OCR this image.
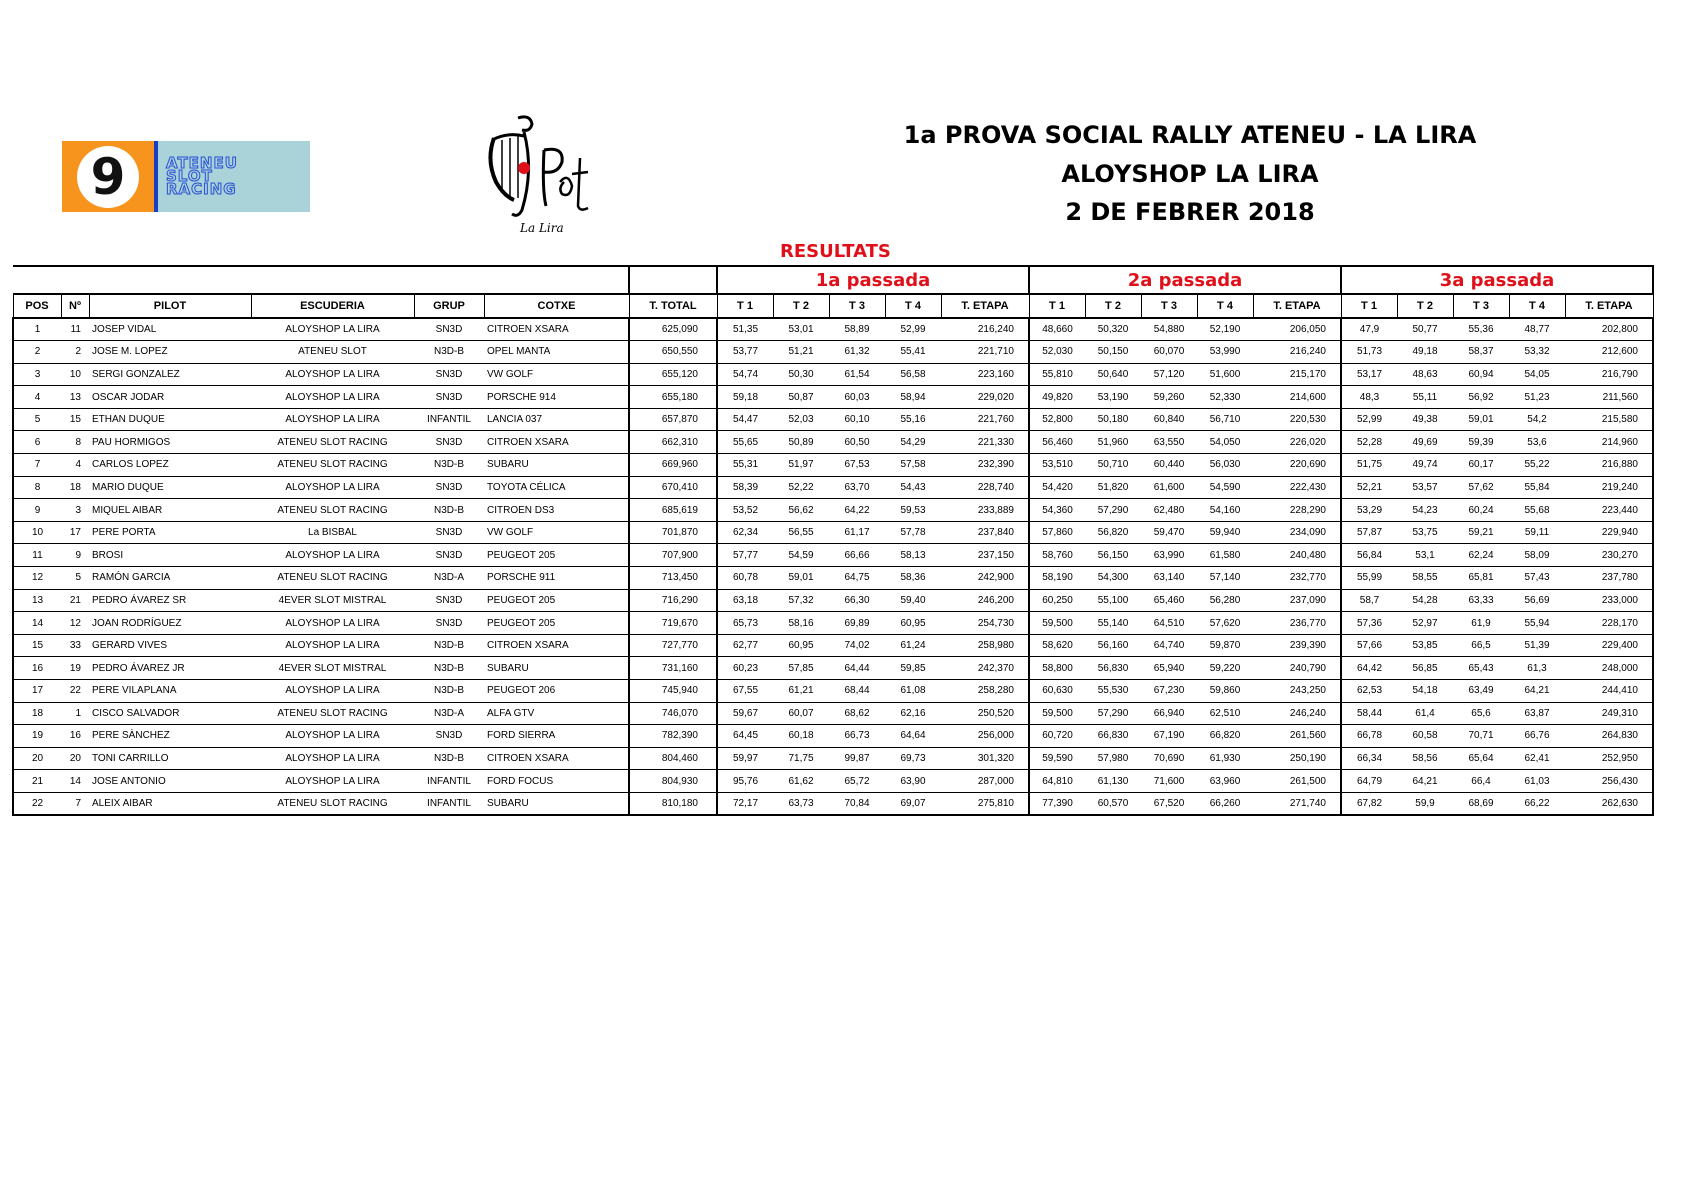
9	ATENEU
SLOT
RACING
La Lira
1a PROVA SOCIAL RALLY ATENEU - LA LIRA
ALOYSHOP LA LIRA
2 DE FEBRER 2018
RESULTATS
							1a passada					2a passada					3a passada				
POS	Nº	PILOT	ESCUDERIA	GRUP	COTXE	T. TOTAL	T 1	T 2	T 3	T 4	T. ETAPA	T 1	T 2	T 3	T 4	T. ETAPA	T 1	T 2	T 3	T 4	T. ETAPA
1	11	JOSEP VIDAL	ALOYSHOP LA LIRA	SN3D	CITROEN XSARA	625,090	51,35	53,01	58,89	52,99	216,240	48,660	50,320	54,880	52,190	206,050	47,9	50,77	55,36	48,77	202,800
2	2	JOSE M. LOPEZ	ATENEU SLOT	N3D-B	OPEL MANTA	650,550	53,77	51,21	61,32	55,41	221,710	52,030	50,150	60,070	53,990	216,240	51,73	49,18	58,37	53,32	212,600
3	10	SERGI GONZALEZ	ALOYSHOP LA LIRA	SN3D	VW GOLF	655,120	54,74	50,30	61,54	56,58	223,160	55,810	50,640	57,120	51,600	215,170	53,17	48,63	60,94	54,05	216,790
4	13	OSCAR JODAR	ALOYSHOP LA LIRA	SN3D	PORSCHE 914	655,180	59,18	50,87	60,03	58,94	229,020	49,820	53,190	59,260	52,330	214,600	48,3	55,11	56,92	51,23	211,560
5	15	ETHAN DUQUE	ALOYSHOP LA LIRA	INFANTIL	LANCIA 037	657,870	54,47	52,03	60,10	55,16	221,760	52,800	50,180	60,840	56,710	220,530	52,99	49,38	59,01	54,2	215,580
6	8	PAU HORMIGOS	ATENEU SLOT RACING	SN3D	CITROEN XSARA	662,310	55,65	50,89	60,50	54,29	221,330	56,460	51,960	63,550	54,050	226,020	52,28	49,69	59,39	53,6	214,960
7	4	CARLOS LOPEZ	ATENEU SLOT RACING	N3D-B	SUBARU	669,960	55,31	51,97	67,53	57,58	232,390	53,510	50,710	60,440	56,030	220,690	51,75	49,74	60,17	55,22	216,880
8	18	MARIO DUQUE	ALOYSHOP LA LIRA	SN3D	TOYOTA CÉLICA	670,410	58,39	52,22	63,70	54,43	228,740	54,420	51,820	61,600	54,590	222,430	52,21	53,57	57,62	55,84	219,240
9	3	MIQUEL AIBAR	ATENEU SLOT RACING	N3D-B	CITROEN DS3	685,619	53,52	56,62	64,22	59,53	233,889	54,360	57,290	62,480	54,160	228,290	53,29	54,23	60,24	55,68	223,440
10	17	PERE PORTA	La BISBAL	SN3D	VW GOLF	701,870	62,34	56,55	61,17	57,78	237,840	57,860	56,820	59,470	59,940	234,090	57,87	53,75	59,21	59,11	229,940
11	9	BROSI	ALOYSHOP LA LIRA	SN3D	PEUGEOT 205	707,900	57,77	54,59	66,66	58,13	237,150	58,760	56,150	63,990	61,580	240,480	56,84	53,1	62,24	58,09	230,270
12	5	RAMÓN GARCIA	ATENEU SLOT RACING	N3D-A	PORSCHE 911	713,450	60,78	59,01	64,75	58,36	242,900	58,190	54,300	63,140	57,140	232,770	55,99	58,55	65,81	57,43	237,780
13	21	PEDRO ÁVAREZ SR	4EVER SLOT MISTRAL	SN3D	PEUGEOT 205	716,290	63,18	57,32	66,30	59,40	246,200	60,250	55,100	65,460	56,280	237,090	58,7	54,28	63,33	56,69	233,000
14	12	JOAN RODRÍGUEZ	ALOYSHOP LA LIRA	SN3D	PEUGEOT 205	719,670	65,73	58,16	69,89	60,95	254,730	59,500	55,140	64,510	57,620	236,770	57,36	52,97	61,9	55,94	228,170
15	33	GERARD VIVES	ALOYSHOP LA LIRA	N3D-B	CITROEN XSARA	727,770	62,77	60,95	74,02	61,24	258,980	58,620	56,160	64,740	59,870	239,390	57,66	53,85	66,5	51,39	229,400
16	19	PEDRO ÁVAREZ JR	4EVER SLOT MISTRAL	N3D-B	SUBARU	731,160	60,23	57,85	64,44	59,85	242,370	58,800	56,830	65,940	59,220	240,790	64,42	56,85	65,43	61,3	248,000
17	22	PERE VILAPLANA	ALOYSHOP LA LIRA	N3D-B	PEUGEOT 206	745,940	67,55	61,21	68,44	61,08	258,280	60,630	55,530	67,230	59,860	243,250	62,53	54,18	63,49	64,21	244,410
18	1	CISCO SALVADOR	ATENEU SLOT RACING	N3D-A	ALFA GTV	746,070	59,67	60,07	68,62	62,16	250,520	59,500	57,290	66,940	62,510	246,240	58,44	61,4	65,6	63,87	249,310
19	16	PERE SÀNCHEZ	ALOYSHOP LA LIRA	SN3D	FORD SIERRA	782,390	64,45	60,18	66,73	64,64	256,000	60,720	66,830	67,190	66,820	261,560	66,78	60,58	70,71	66,76	264,830
20	20	TONI CARRILLO	ALOYSHOP LA LIRA	N3D-B	CITROEN XSARA	804,460	59,97	71,75	99,87	69,73	301,320	59,590	57,980	70,690	61,930	250,190	66,34	58,56	65,64	62,41	252,950
21	14	JOSE ANTONIO	ALOYSHOP LA LIRA	INFANTIL	FORD FOCUS	804,930	95,76	61,62	65,72	63,90	287,000	64,810	61,130	71,600	63,960	261,500	64,79	64,21	66,4	61,03	256,430
22	7	ALEIX AIBAR	ATENEU SLOT RACING	INFANTIL	SUBARU	810,180	72,17	63,73	70,84	69,07	275,810	77,390	60,570	67,520	66,260	271,740	67,82	59,9	68,69	66,22	262,630
